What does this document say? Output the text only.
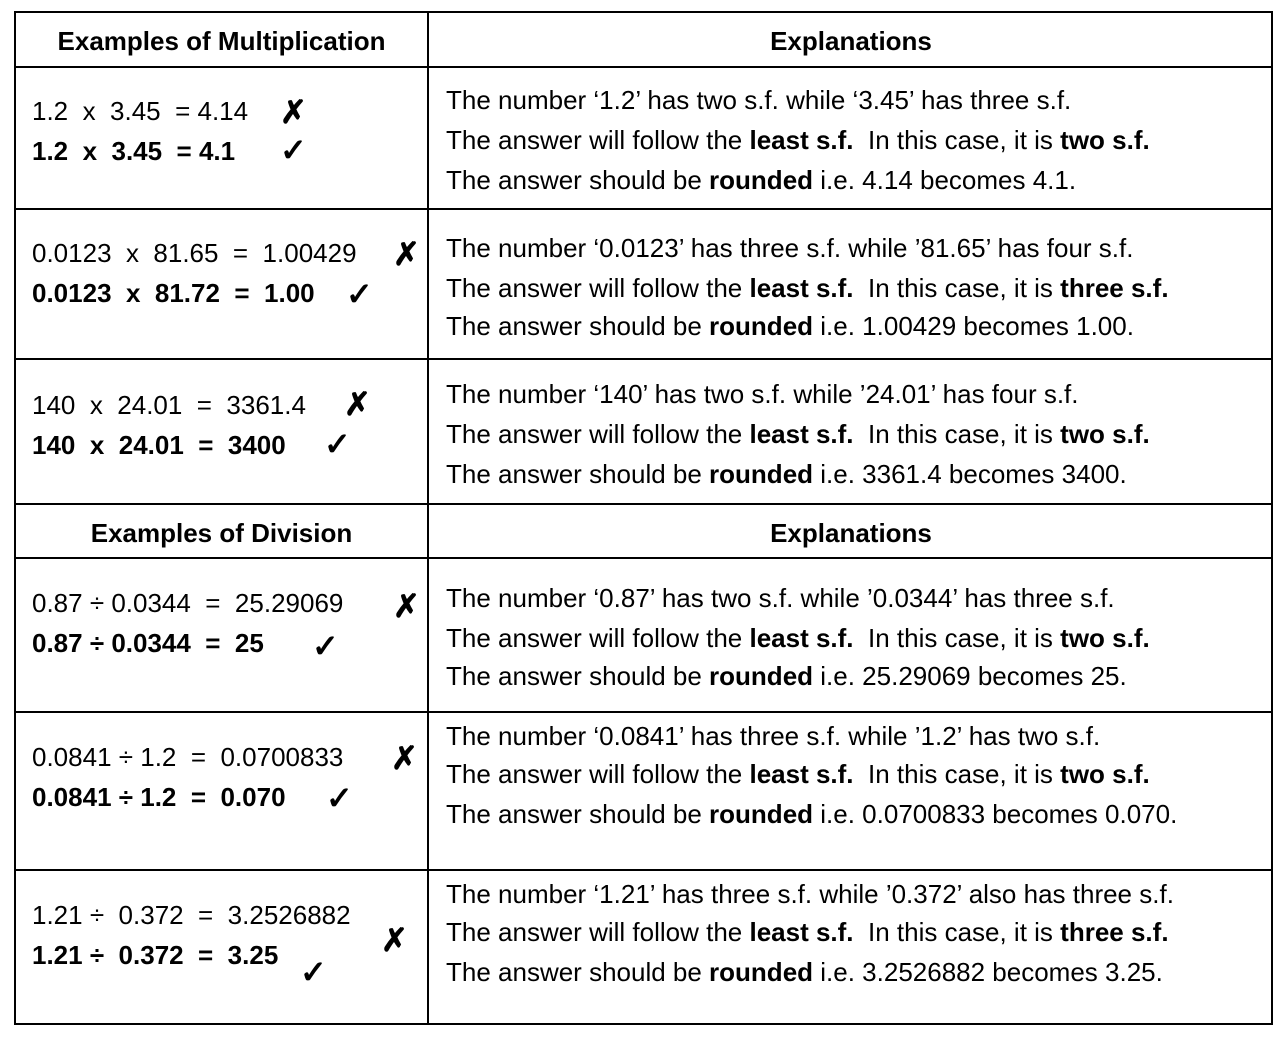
Examples of Multiplication	Explanations
1.2  x  3.45  = 4.14 ✗
1.2  x  3.45  = 4.1 ✓
The number ‘1.2’ has two s.f. while ‘3.45’ has three s.f.
The answer will follow the least s.f.  In this case, it is two s.f.
The answer should be rounded i.e. 4.14 becomes 4.1.
0.0123  x  81.65  =  1.00429 ✗
0.0123  x  81.72  =  1.00 ✓
The number ‘0.0123’ has three s.f. while ’81.65’ has four s.f.
The answer will follow the least s.f.  In this case, it is three s.f.
The answer should be rounded i.e. 1.00429 becomes 1.00.
140  x  24.01  =  3361.4 ✗
140  x  24.01  =  3400 ✓
The number ‘140’ has two s.f. while ’24.01’ has four s.f.
The answer will follow the least s.f.  In this case, it is two s.f.
The answer should be rounded i.e. 3361.4 becomes 3400.
Examples of Division	Explanations
0.87 ÷ 0.0344  =  25.29069 ✗
0.87 ÷ 0.0344  =  25 ✓
The number ‘0.87’ has two s.f. while ’0.0344’ has three s.f.
The answer will follow the least s.f.  In this case, it is two s.f.
The answer should be rounded i.e. 25.29069 becomes 25.
0.0841 ÷ 1.2  =  0.0700833 ✗
0.0841 ÷ 1.2  =  0.070 ✓
The number ‘0.0841’ has three s.f. while ’1.2’ has two s.f.
The answer will follow the least s.f.  In this case, it is two s.f.
The answer should be rounded i.e. 0.0700833 becomes 0.070.
1.21 ÷  0.372  =  3.2526882
✗
1.21 ÷  0.372  =  3.25 ✓
The number ‘1.21’ has three s.f. while ’0.372’ also has three s.f.
The answer will follow the least s.f.  In this case, it is three s.f.
The answer should be rounded i.e. 3.2526882 becomes 3.25.
